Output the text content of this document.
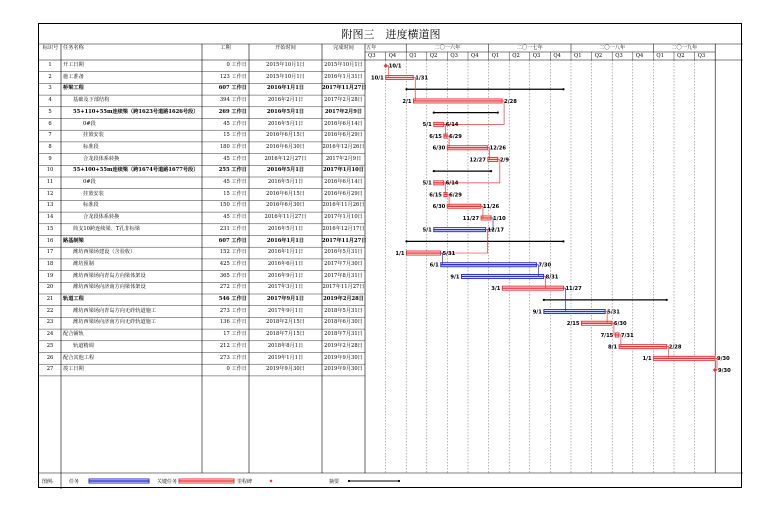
附图三　进度横道图
标识号 任务名称	工期	开始时间	完成时间	五年	二〇一六年	二〇一七年	二〇一八年	二〇一九年
Q3	Q4	Q1	Q2	Q3	Q4	Q1	Q2	Q3	Q4	Q1	Q2	Q3	Q4	Q1	Q2	Q3
1	开工日期	0 工作日	2015年10月1日	2015年10月1日
2	施工准备	123 工作日	2015年10月1日	2016年1月31日
3	桥梁工程	607 工作日	2016年1月1日	2017年11月27日
4	基础及下部结构	394 工作日	2016年2月1日	2017年2月28日
5	55+110+55m连续梁（跨1623号道路1626号段）	269 工作日	2016年5月1日	2017年2月9日
6	0#段	45 工作日	2016年5月1日	2016年6月14日
7	挂篮安装	15 工作日	2016年6月15日	2016年6月29日
8	标准段	180 工作日	2016年6月30日	2016年12月26日
9	合龙段体系转换	45 工作日	2016年12月27日	2017年2月9日
10	55+100+55m连续梁（跨1674号道路1677号段）	255 工作日	2016年5月1日	2017年1月10日
11	0#段	45 工作日	2016年5月1日	2016年6月14日
12	挂篮安装	15 工作日	2016年6月15日	2016年6月29日
13	标准段	150 工作日	2016年6月30日	2016年11月26日
14	合龙段体系转换	45 工作日	2016年11月27日	2017年1月10日
15	简支10跨连续梁、T孔非标梁	231 工作日	2016年5月1日	2016年12月17日
16	路基制梁	607 工作日	2016年1月1日	2017年11月27日
17	潍坊西梁场建设（含验收）	152 工作日	2016年1月1日	2016年5月31日
18	潍坊预制	425 工作日	2016年6月1日	2017年7月30日
19	潍坊西梁场向青岛方向梁体架设	365 工作日	2016年9月1日	2017年8月31日
20	潍坊西梁场向济南方向梁体架设	272 工作日	2017年3月1日	2017年11月27日
21	轨道工程	546 工作日	2017年9月1日	2019年2月28日
22	潍坊西梁场向青岛方向无砟轨道施工	273 工作日	2017年9月1日	2018年5月31日
23	潍坊西梁场向济南方向无砟轨道施工	136 工作日	2018年2月15日	2018年6月30日
24	配合铺轨	17 工作日	2018年7月15日	2018年7月31日
25	轨道精调	212 工作日	2018年8月1日	2019年2月28日
26	配合其他工程	273 工作日	2019年1月1日	2019年9月30日
27	竣工日期	0 工作日	2019年9月30日	2019年9月30日
10/1
10/1	1/31
2/1	2/28
5/1	6/14
6/15 6/29
6/30	12/26
12/27	2/9
5/1	6/14
6/15 6/29
6/30	11/26
11/27	1/10
5/1	12/17
1/1	5/31
6/1	7/30
9/1	8/31
3/1	11/27
9/1	5/31
2/15	6/30
7/15 7/31
8/1	2/28
1/1	9/30
9/30
图例:	任务	关键任务	里程碑	摘要
